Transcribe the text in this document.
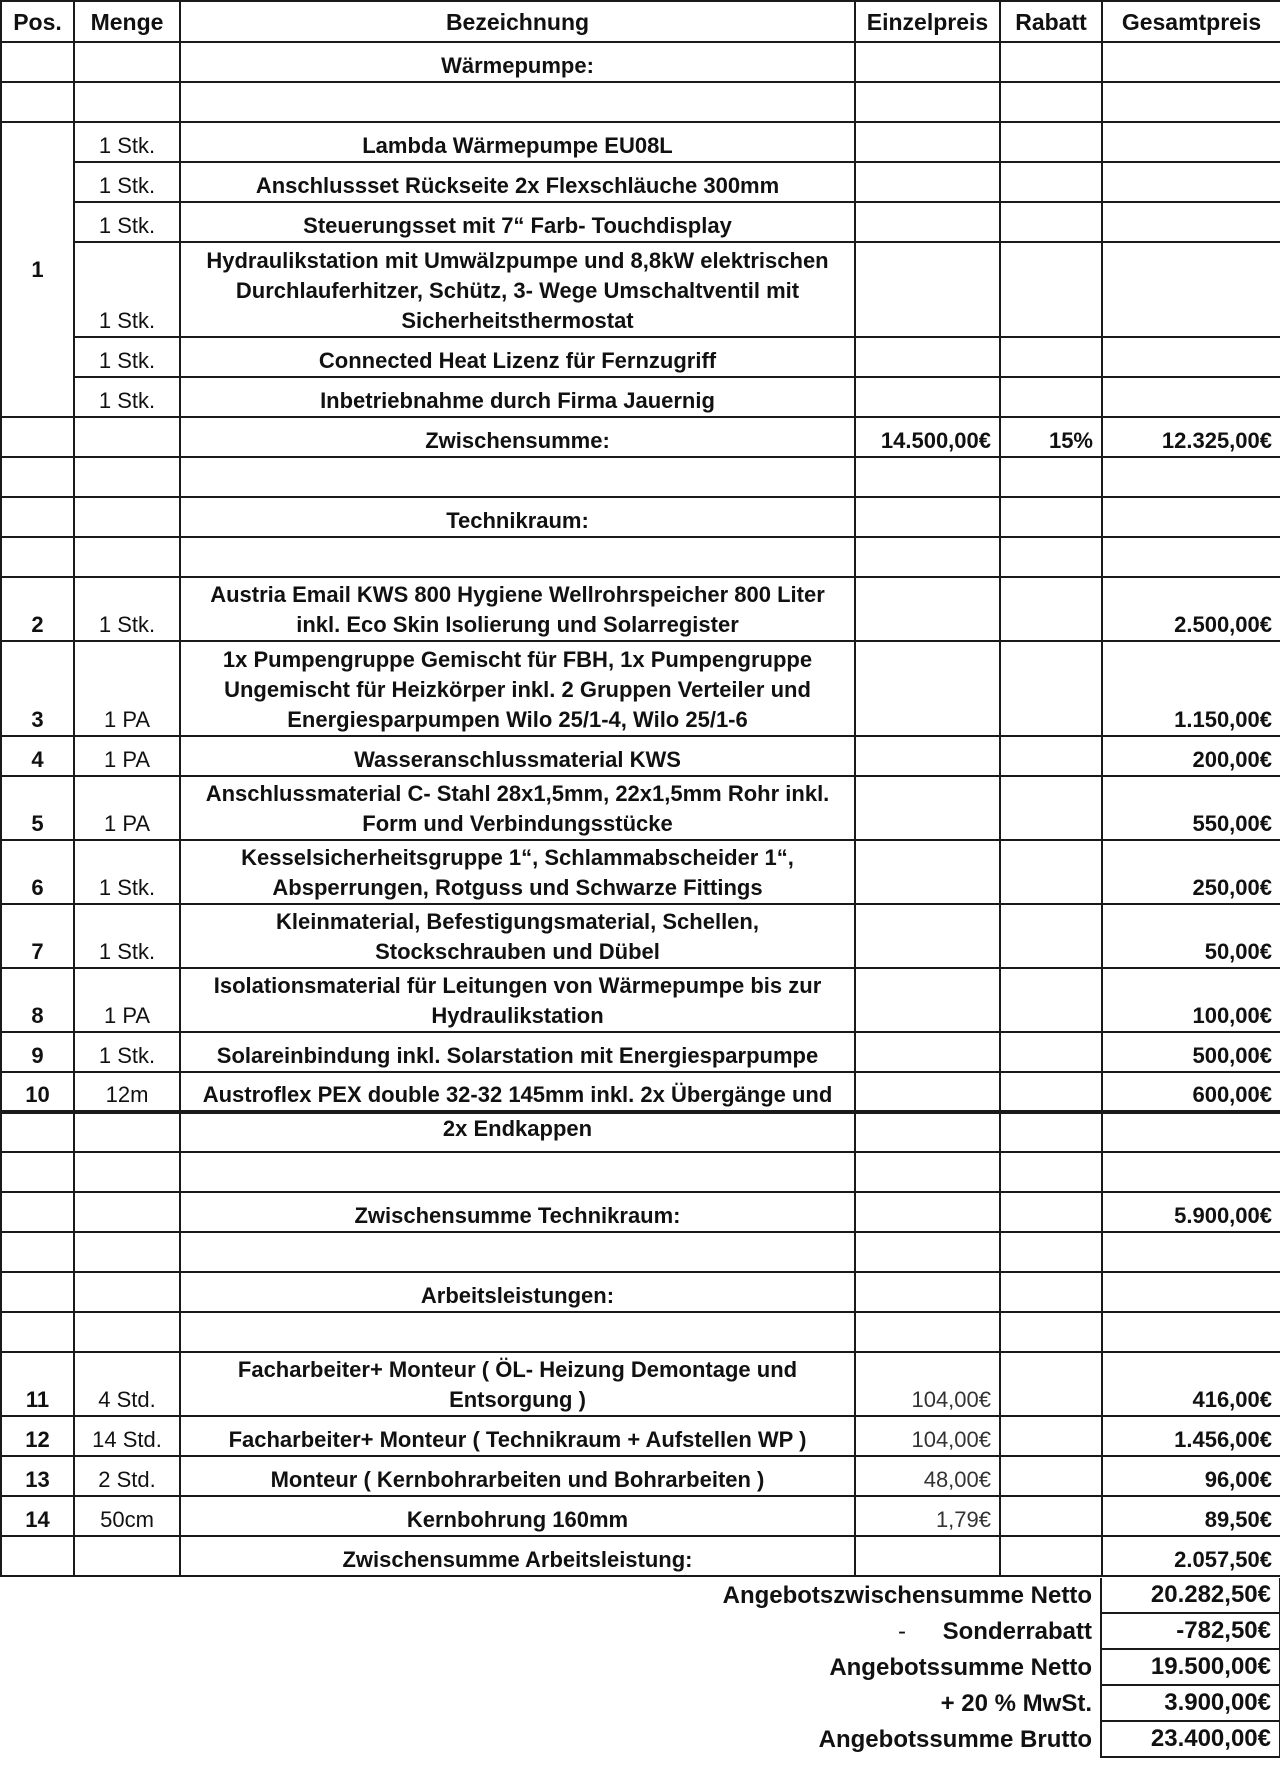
Pos.	Menge	Bezeichnung	Einzelpreis	Rabatt	Gesamtpreis
		Wärmepumpe:			

1	1 Stk.	Lambda Wärmepumpe EU08L			
	1 Stk.	Anschlussset Rückseite 2x Flexschläuche 300mm			
	1 Stk.	Steuerungsset mit 7“ Farb- Touchdisplay			
	1 Stk.	Hydraulikstation mit Umwälzpumpe und 8,8kW elektrischen Durchlauferhitzer, Schütz, 3- Wege Umschaltventil mit Sicherheitsthermostat			
	1 Stk.	Connected Heat Lizenz für Fernzugriff			
	1 Stk.	Inbetriebnahme durch Firma Jauernig			
		Zwischensumme:	14.500,00€	15%	12.325,00€

		Technikraum:			

2	1 Stk.	Austria Email KWS 800 Hygiene Wellrohrspeicher 800 Liter inkl. Eco Skin Isolierung und Solarregister			2.500,00€
3	1 PA	1x Pumpengruppe Gemischt für FBH, 1x Pumpengruppe Ungemischt für Heizkörper inkl. 2 Gruppen Verteiler und Energiesparpumpen Wilo 25/1-4, Wilo 25/1-6			1.150,00€
4	1 PA	Wasseranschlussmaterial KWS			200,00€
5	1 PA	Anschlussmaterial C- Stahl 28x1,5mm, 22x1,5mm Rohr inkl. Form und Verbindungsstücke			550,00€
6	1 Stk.	Kesselsicherheitsgruppe 1“, Schlammabscheider 1“, Absperrungen, Rotguss und Schwarze Fittings			250,00€
7	1 Stk.	Kleinmaterial, Befestigungsmaterial, Schellen, Stockschrauben und Dübel			50,00€
8	1 PA	Isolationsmaterial für Leitungen von Wärmepumpe bis zur Hydraulikstation			100,00€
9	1 Stk.	Solareinbindung inkl. Solarstation mit Energiesparpumpe			500,00€
10	12m	Austroflex PEX double 32-32 145mm inkl. 2x Übergänge und			600,00€
		2x Endkappen			

		Zwischensumme Technikraum:			5.900,00€

		Arbeitsleistungen:			

11	4 Std.	Facharbeiter+ Monteur ( ÖL- Heizung Demontage und Entsorgung )	104,00€		416,00€
12	14 Std.	Facharbeiter+ Monteur ( Technikraum + Aufstellen WP )	104,00€		1.456,00€
13	2 Std.	Monteur ( Kernbohrarbeiten und Bohrarbeiten )	48,00€		96,00€
14	50cm	Kernbohrung 160mm	1,79€		89,50€
		Zwischensumme Arbeitsleistung:			2.057,50€
Angebotszwischensumme Netto	20.282,50€
- Sonderrabatt	-782,50€
Angebotssumme Netto	19.500,00€
+ 20 % MwSt.	3.900,00€
Angebotssumme Brutto	23.400,00€
